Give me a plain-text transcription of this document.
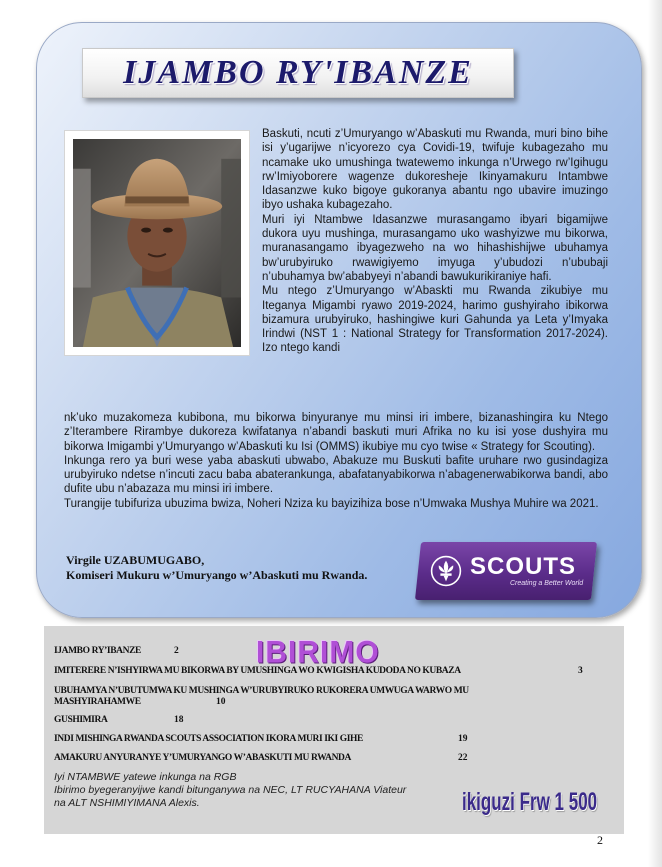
IJAMBO RY'IBANZE

Baskuti, ncuti z’Umuryango w’Abaskuti mu Rwanda, muri bino bihe isi y’ugarijwe n’icyorezo cya Covidi-19, twifuje kubagezaho mu ncamake uko umushinga twatewemo inkunga n’Urwego rw’Igihugu rw’Imiyoborere wagenze dukoresheje Ikinyamakuru Intambwe Idasanzwe kuko bigoye gukoranya abantu ngo ubavire imuzingo ibyo ushaka kubagezaho.

Muri iyi Ntambwe Idasanzwe murasangamo ibyari bigamijwe dukora uyu mushinga, murasangamo uko washyizwe mu bikorwa, muranasangamo ibyagezweho na wo hihashishijwe ubuhamya bw’urubyiruko rwawigiyemo imyuga y’ubudozi n’ububaji n’ubuhamya bw’ababyeyi n’abandi bawukurikiraniye hafi.

Mu ntego z’Umuryango w’Abaskti mu Rwanda zikubiye mu Iteganya Migambi ryawo 2019-2024, harimo gushyiraho ibikorwa bizamura urubyiruko, hashingiwe kuri Gahunda ya Leta y’Imyaka Irindwi (NST 1 : National Strategy for Transformation 2017-2024). Izo ntego kandi

nk’uko muzakomeza kubibona, mu bikorwa binyuranye mu minsi iri imbere, bizanashingira ku Ntego z’Iterambere Rirambye dukoreza kwifatanya n’abandi baskuti muri Afrika no ku isi yose dushyira mu bikorwa Imigambi y’Umuryango w’Abaskuti ku Isi (OMMS) ikubiye mu cyo twise « Strategy for Scouting).

Inkunga rero ya buri wese yaba abaskuti ubwabo, Abakuze mu Buskuti bafite uruhare rwo gusindagiza urubyiruko ndetse n’incuti zacu baba abaterankunga, abafatanyabikorwa n’abagenerwabikorwa bandi, abo dufite ubu n’abazaza mu minsi iri imbere.

Turangije tubifuriza ubuzima bwiza, Noheri Nziza ku bayizihiza bose n’Umwaka Mushya Muhire wa 2021.

Virgile UZABUMUGABO,
Komiseri Mukuru w’Umuryango w’Abaskuti mu Rwanda.	SCOUTS
Creating a Better World
IBIRIMO
IJAMBO RY’IBANZE	2
IMITERERE N’ISHYIRWA MU BIKORWA BY UMUSHINGA WO KWIGISHA KUDODA NO KUBAZA	3
UBUHAMYA N’UBUTUMWA KU MUSHINGA W’URUBYIRUKO RUKORERA UMWUGA WARWO MU
MASHYIRAHAMWE	10
GUSHIMIRA	18
INDI MISHINGA RWANDA SCOUTS ASSOCIATION IKORA MURI IKI GIHE	19
AMAKURU ANYURANYE Y’UMURYANGO W’ABASKUTI MU RWANDA	22
Iyi NTAMBWE yatewe inkunga na RGB
Ibirimo byegeranyijwe kandi bitunganywa na NEC, LT RUCYAHANA Viateur
na ALT NSHIMIYIMANA Alexis.	ikiguzi Frw 1 500
2
